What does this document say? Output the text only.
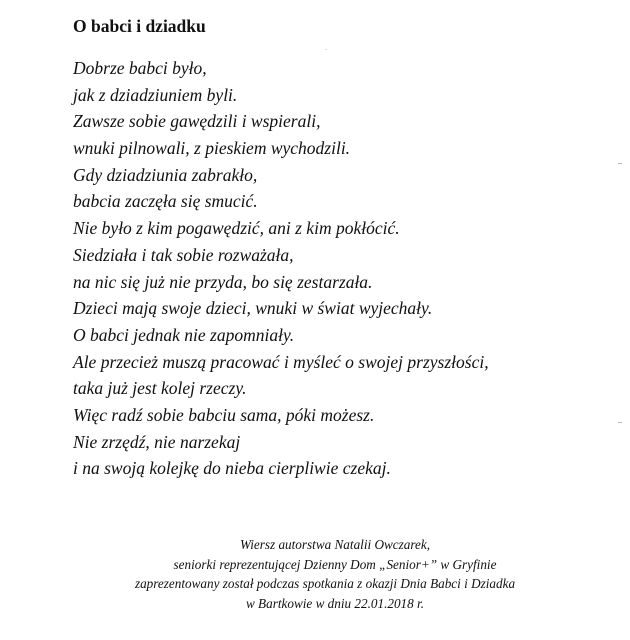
O babci i dziadku
Dobrze babci było,
jak z dziadziuniem byli.
Zawsze sobie gawędzili i wspierali,
wnuki pilnowali, z pieskiem wychodzili.
Gdy dziadziunia zabrakło,
babcia zaczęła się smucić.
Nie było z kim pogawędzić, ani z kim pokłócić.
Siedziała i tak sobie rozważała,
na nic się już nie przyda, bo się zestarzała.
Dzieci mają swoje dzieci, wnuki w świat wyjechały.
O babci jednak nie zapomniały.
Ale przecież muszą pracować i myśleć o swojej przyszłości,
taka już jest kolej rzeczy.
Więc radź sobie babciu sama, póki możesz.
Nie zrzędź, nie narzekaj
i na swoją kolejkę do nieba cierpliwie czekaj.
Wiersz autorstwa Natalii Owczarek,
seniorki reprezentującej Dzienny Dom „Senior+” w Gryfinie
zaprezentowany został podczas spotkania z okazji Dnia Babci i Dziadka
w Bartkowie w dniu 22.01.2018 r.
·
